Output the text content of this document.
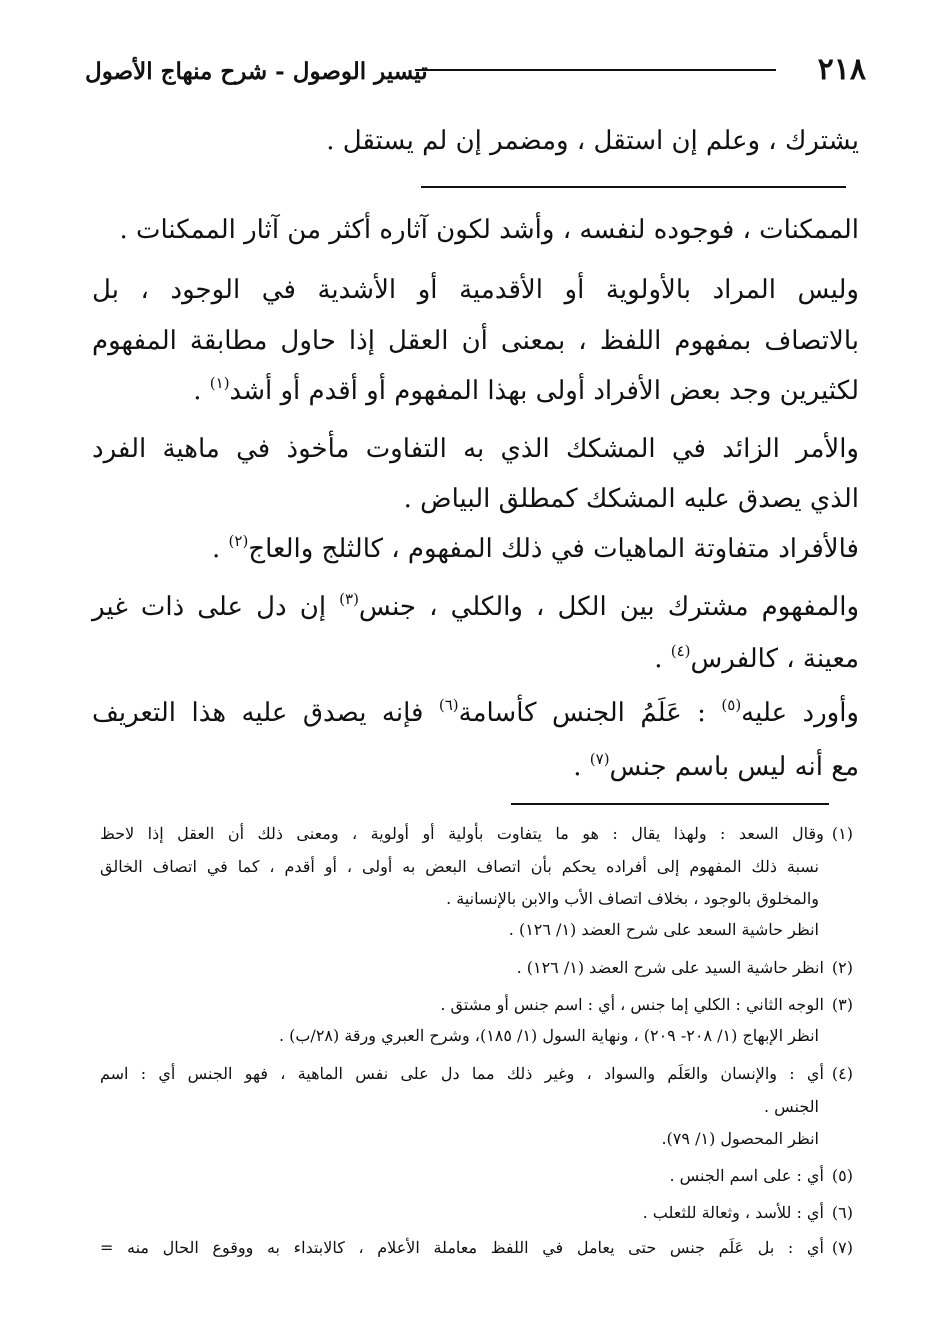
٢١٨
تيسير الوصول - شرح منهاج الأصول
يشترك ، وعلم إن استقل ، ومضمر إن لم يستقل .
الممكنات ، فوجوده لنفسه ، وأشد لكون آثاره أكثر من آثار الممكنات .
وليس المراد بالأولوية أو الأقدمية أو الأشدية في الوجود ، بل
بالاتصاف بمفهوم اللفظ ، بمعنى أن العقل إذا حاول مطابقة المفهوم
لكثيرين وجد بعض الأفراد أولى بهذا المفهوم أو أقدم أو أشد$^{(١)}$ .
والأمر الزائد في المشكك الذي به التفاوت مأخوذ في ماهية الفرد
الذي يصدق عليه المشكك كمطلق البياض .
فالأفراد متفاوتة الماهيات في ذلك المفهوم ، كالثلج والعاج$^{(٢)}$ .
والمفهوم مشترك بين الكل ، والكلي ، جنس$^{(٣)}$ إن دل على ذات غير
معينة ، كالفرس$^{(٤)}$ .
وأورد عليه$^{(٥)}$ : عَلَمُ الجنس كأسامة$^{(٦)}$ فإنه يصدق عليه هذا التعريف
مع أنه ليس باسم جنس$^{(٧)}$ .
(١)وقال السعد : ولهذا يقال : هو ما يتفاوت بأولية أو أولوية ، ومعنى ذلك أن العقل إذا لاحظ
نسبة ذلك المفهوم إلى أفراده يحكم بأن اتصاف البعض به أولى ، أو أقدم ، كما في اتصاف الخالق
والمخلوق بالوجود ، بخلاف اتصاف الأب والابن بالإنسانية .
انظر حاشية السعد على شرح العضد (١/ ١٢٦) .
(٢)انظر حاشية السيد على شرح العضد (١/ ١٢٦) .
(٣)الوجه الثاني : الكلي إما جنس ، أي : اسم جنس أو مشتق .
انظر الإبهاج (١/ ٢٠٨- ٢٠٩) ، ونهاية السول (١/ ١٨٥)، وشرح العبري ورقة (٢٨/ب) .
(٤)أي : والإنسان والعَلَم والسواد ، وغير ذلك مما دل على نفس الماهية ، فهو الجنس أي : اسم
الجنس .
انظر المحصول (١/ ٧٩).
(٥)أي : على اسم الجنس .
(٦)أي : للأسد ، وثعالة للثعلب .
(٧)أي : بل عَلَم جنس حتى يعامل في اللفظ معاملة الأعلام ، كالابتداء به ووقوع الحال منه =
